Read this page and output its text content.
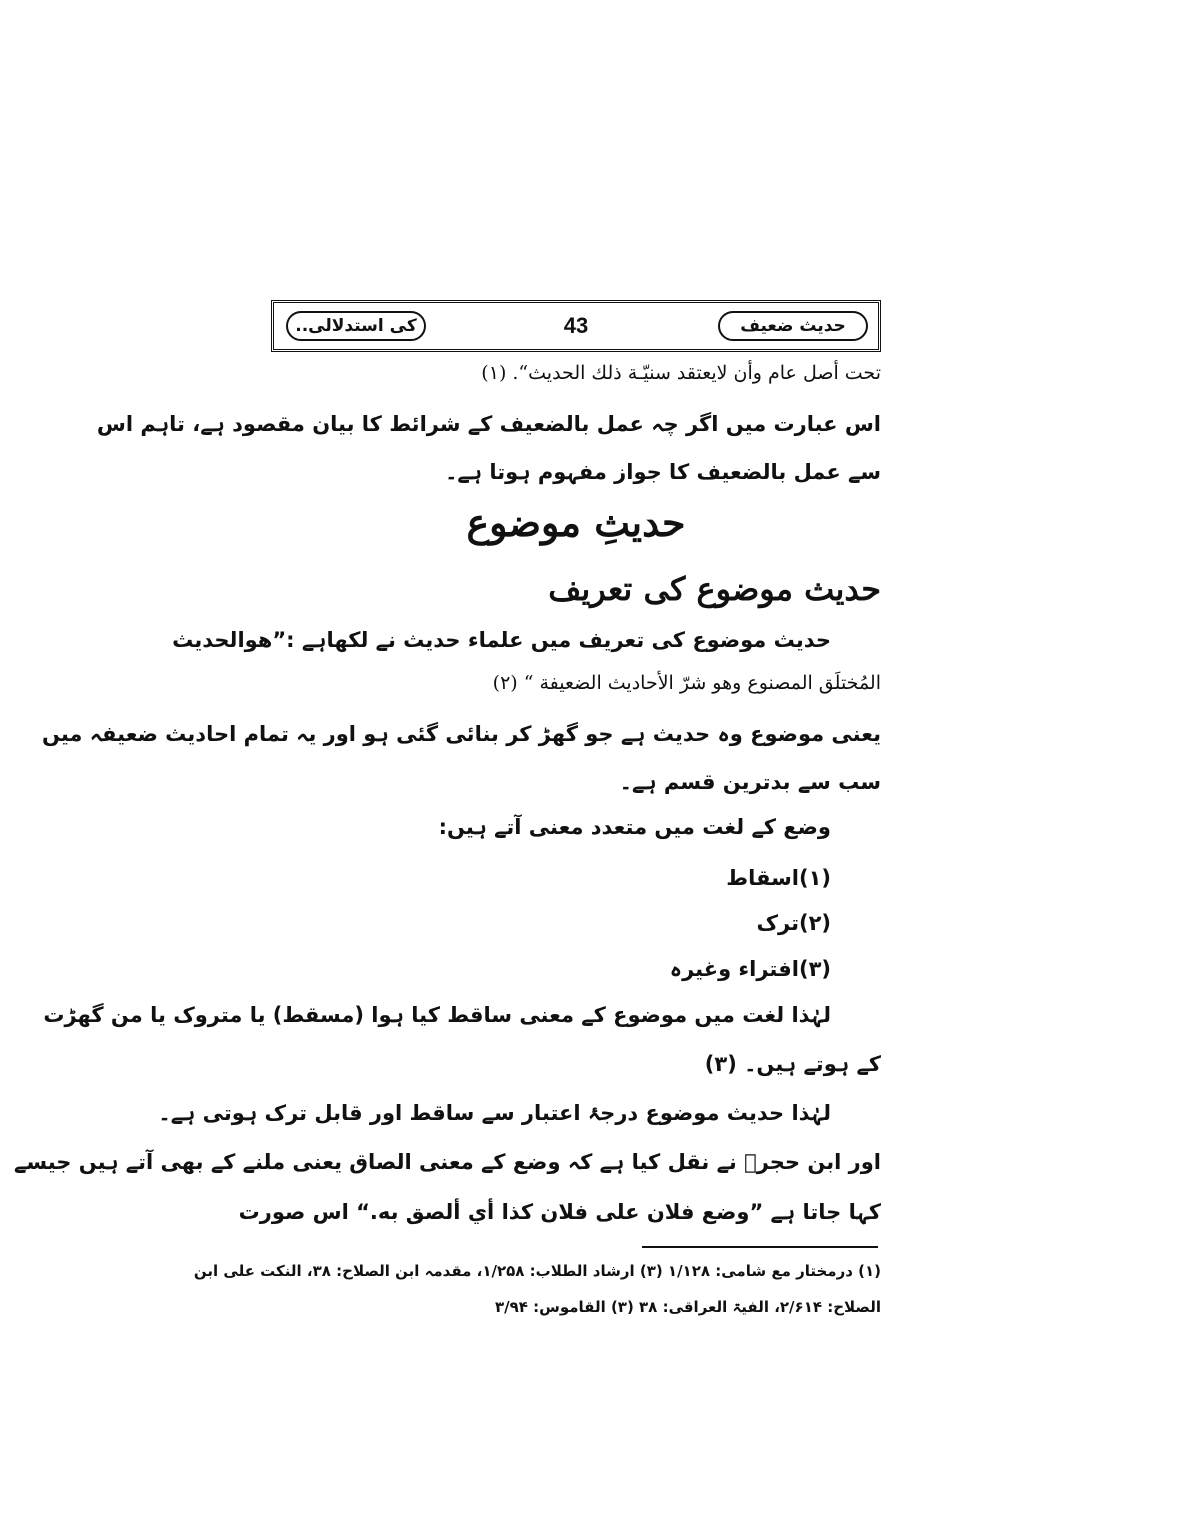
حدیث ضعیف
43
کی استدلالی..
تحت أصل عام وأن لايعتقد سنيّـة ذلك الحديث“. (۱)
اس عبارت میں اگر چہ عمل بالضعیف کے شرائط کا بیان مقصود ہے، تاہم اس
سے عمل بالضعیف کا جواز مفہوم ہوتا ہے۔
حدیثِ موضوع
حدیث موضوع کی تعریف
حدیث موضوع کی تعریف میں علماء حدیث نے لکھاہے :”هوالحديث
المُختلَق المصنوع وهو شرّ الأحاديث الضعيفة “ (۲)
یعنی موضوع وہ حدیث ہے جو گھڑ کر بنائی گئی ہو اور یہ تمام احادیث ضعیفہ میں
سب سے بدترین قسم ہے۔
وضع کے لغت میں متعدد معنی آتے ہیں:
(۱)اسقاط
(۲)ترک
(۳)افتراء وغیرہ
لہٰذا لغت میں موضوع کے معنی ساقط کیا ہوا (مسقط) یا متروک یا من گھڑت
کے ہوتے ہیں۔ (۳)
لہٰذا حدیث موضوع درجۂ اعتبار سے ساقط اور قابل ترک ہوتی ہے۔
اور ابن حجرؒ نے نقل کیا ہے کہ وضع کے معنی الصاق یعنی ملنے کے بھی آتے ہیں جیسے
کہا جاتا ہے ”وضع فلان على فلان كذا أي ألصق به.“ اس صورت
(۱) درمختار مع شامی: ۱/۱۲۸ (۳) ارشاد الطلاب: ۱/۲۵۸، مقدمہ ابن الصلاح: ۳۸، النکت علی ابن
الصلاح: ۲/۶۱۴، الفیۃ العراقی: ۳۸ (۳) القاموس: ۳/۹۴
